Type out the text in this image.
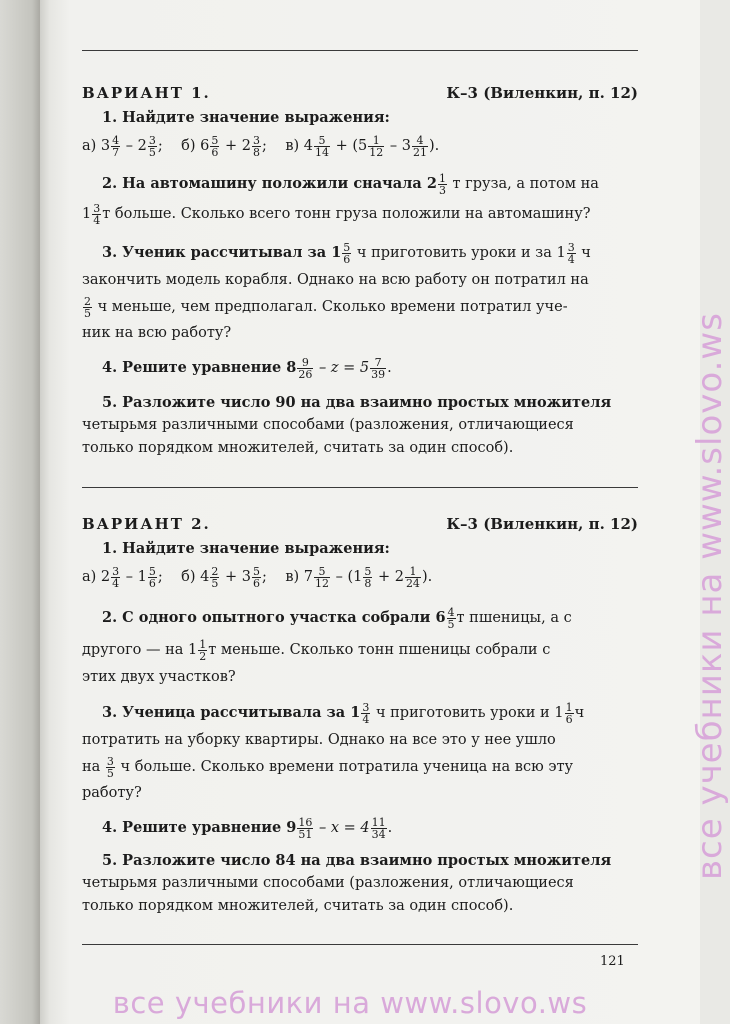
ВАРИАНТ 1.	К–3 (Виленкин, п. 12)
1. Найдите значение выражения:
а) $3 \frac{4}{7} - 2 \frac{3}{5}$ ;    б) $6 \frac{5}{6} + 2 \frac{3}{8}$ ;    в) $4 \frac{5}{14} + (5 \frac{1}{12} - 3 \frac{4}{21}$ ).
2. На автомашину положили сначала $2 \frac{1}{3}$ т груза, а потом на
$1 \frac{3}{4}$ т больше. Сколько всего тонн груза положили на автомашину?
3. Ученик рассчитывал за $1 \frac{5}{6}$ ч приготовить уроки и за $1 \frac{3}{4}$ ч
закончить модель корабля. Однако на всю работу он потратил на
$\frac{2}{5}$ ч меньше, чем предполагал. Сколько времени потратил уче-
ник на всю работу?
4. Решите уравнение $8 \frac{9}{26} - z = 5 \frac{7}{39}$ .
5. Разложите число 90 на два взаимно простых множителя
четырьмя различными способами (разложения, отличающиеся
только порядком множителей, считать за один способ).
ВАРИАНТ 2.	К–3 (Виленкин, п. 12)
1. Найдите значение выражения:
а) $2 \frac{3}{4} - 1 \frac{5}{6}$ ;    б) $4 \frac{2}{5} + 3 \frac{5}{6}$ ;    в) $7 \frac{5}{12} - (1 \frac{5}{8} + 2 \frac{1}{24}$ ).
2. С одного опытного участка собрали $6 \frac{4}{5}$ т пшеницы, а с
другого — на $1 \frac{1}{2}$ т меньше. Сколько тонн пшеницы собрали с
этих двух участков?
3. Ученица рассчитывала за $1 \frac{3}{4}$ ч приготовить уроки и $1 \frac{1}{6}$ ч
потратить на уборку квартиры. Однако на все это у нее ушло
на $\frac{3}{5}$ ч больше. Сколько времени потратила ученица на всю эту
работу?
4. Решите уравнение $9 \frac{16}{51} - x = 4 \frac{11}{34}$ .
5. Разложите число 84 на два взаимно простых множителя
четырьмя различными способами (разложения, отличающиеся
только порядком множителей, считать за один способ).
121
все учебники на www.slovo.ws
все учебники на www.slovo.ws
